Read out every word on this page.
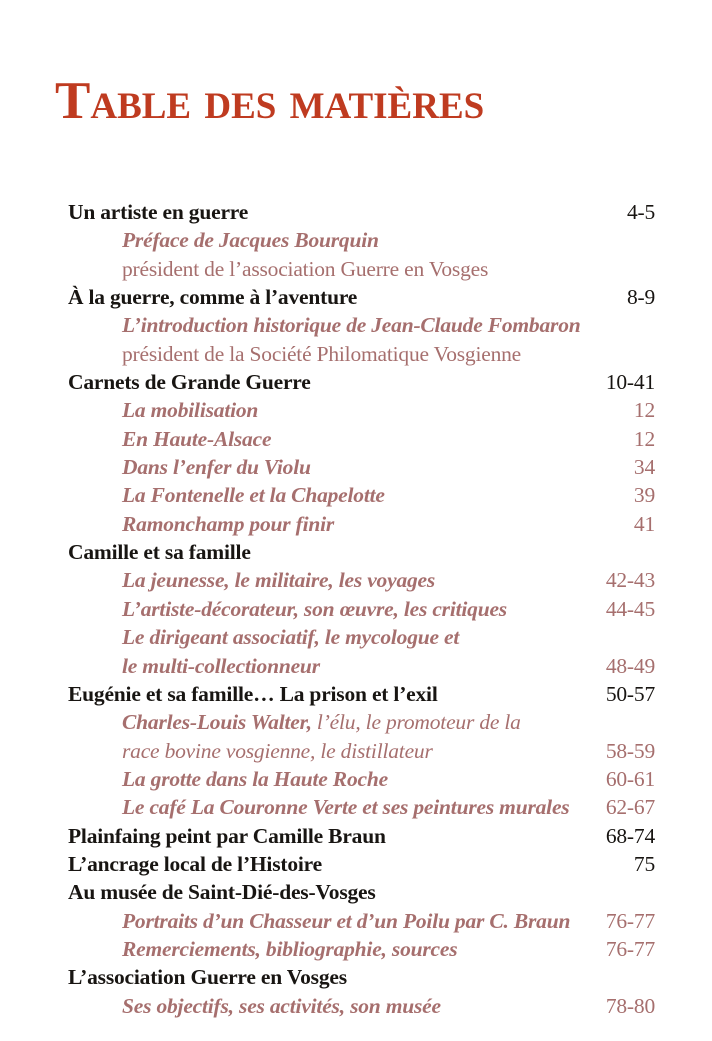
Table des matières
Un artiste en guerre	4-5
Préface de Jacques Bourquin
président de l’association Guerre en Vosges
À la guerre, comme à l’aventure	8-9
L’introduction historique de Jean-Claude Fombaron
président de la Société Philomatique Vosgienne
Carnets de Grande Guerre	10-41
La mobilisation	12
En Haute-Alsace	12
Dans l’enfer du Violu	34
La Fontenelle et la Chapelotte	39
Ramonchamp pour finir	41
Camille et sa famille
La jeunesse, le militaire, les voyages	42-43
L’artiste-décorateur, son œuvre, les critiques	44-45
Le dirigeant associatif, le mycologue et
le multi-collectionneur	48-49
Eugénie et sa famille… La prison et l’exil	50-57
Charles-Louis Walter, l’élu, le promoteur de la
race bovine vosgienne, le distillateur	58-59
La grotte dans la Haute Roche	60-61
Le café La Couronne Verte et ses peintures murales 62-67
Plainfaing peint par Camille Braun	68-74
L’ancrage local de l’Histoire	75
Au musée de Saint-Dié-des-Vosges
Portraits d’un Chasseur et d’un Poilu par C. Braun 76-77
Remerciements, bibliographie, sources	76-77
L’association Guerre en Vosges
Ses objectifs, ses activités, son musée	78-80
